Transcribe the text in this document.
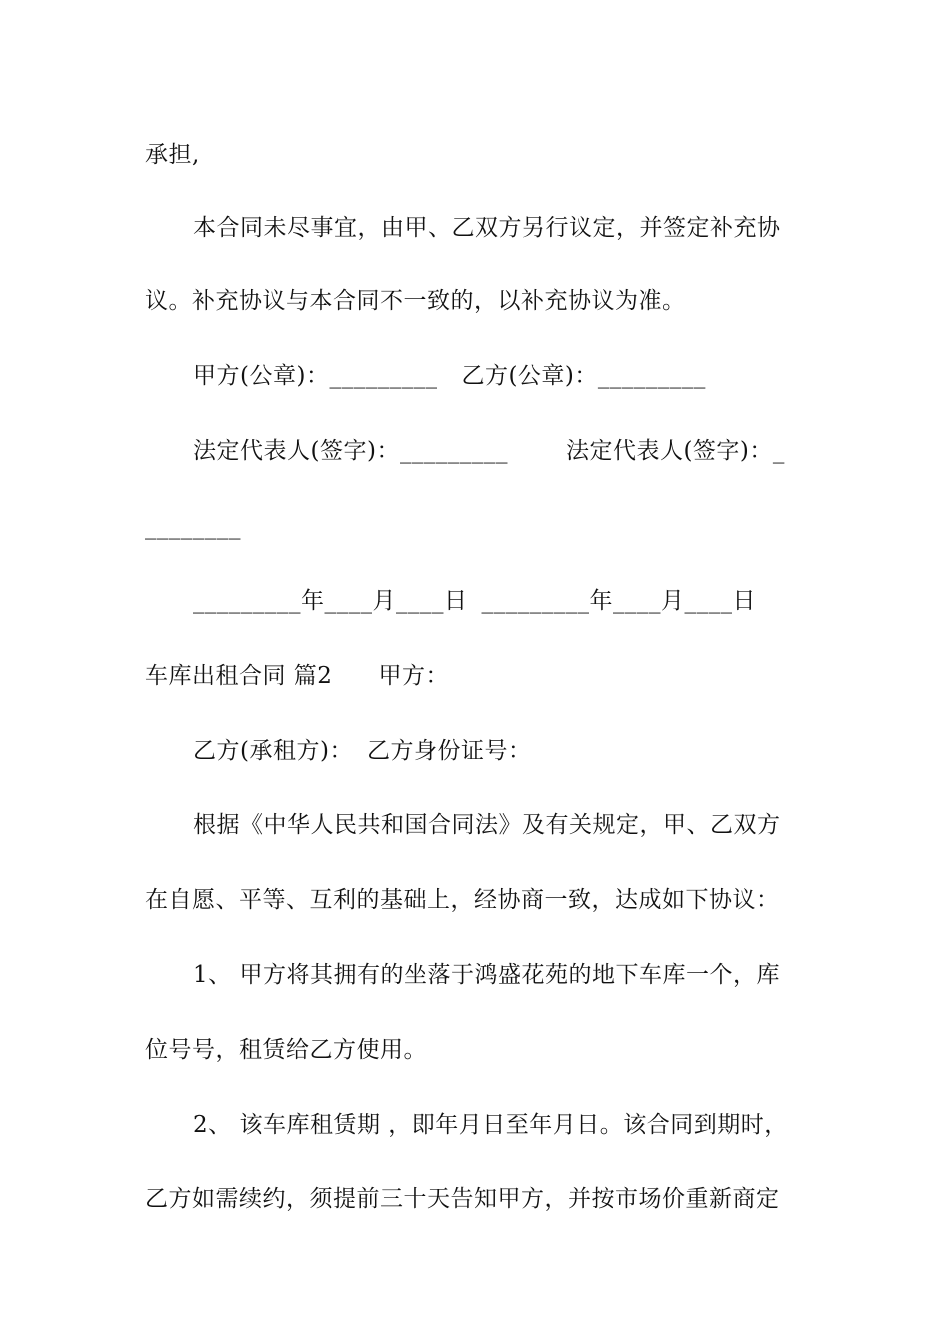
承担,
本合同未尽事宜，由甲、乙双方另行议定，并签定补充协
议。补充协议与本合同不一致的，以补充协议为准。
甲方(公章)：_________ 乙方(公章)：_________
法定代表人(签字)：_________	法定代表人(签字)：_
________
_________年____月____日 _________年____月____日
车库出租合同 篇2 甲方：
乙方(承租方)： 乙方身份证号：
根据《中华人民共和国合同法》及有关规定，甲、乙双方
在自愿、平等、互利的基础上，经协商一致，达成如下协议：
1、 甲方将其拥有的坐落于鸿盛花苑的地下车库一个，库
位号号，租赁给乙方使用。
2、 该车库租赁期 ，即年月日至年月日。该合同到期时，
乙方如需续约，须提前三十天告知甲方，并按市场价重新商定
